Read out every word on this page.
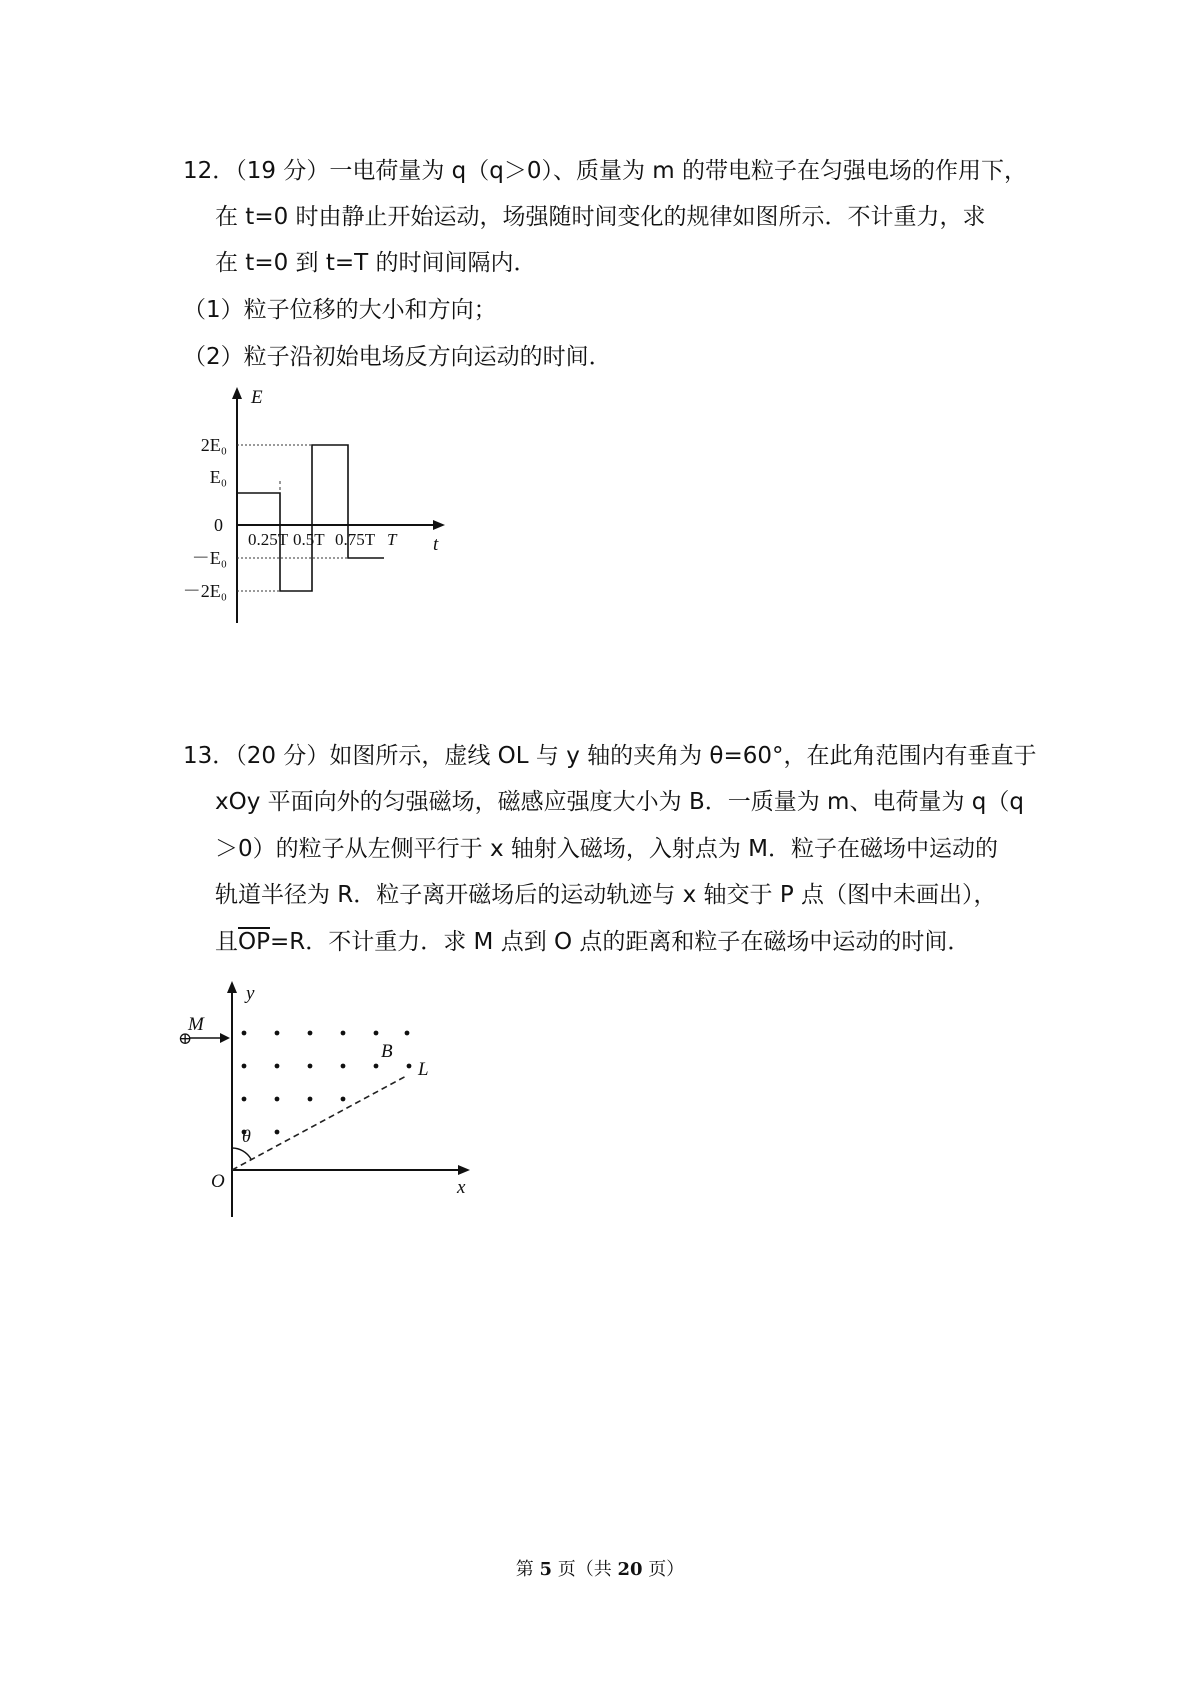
12．（19 分）一电荷量为 q（q＞0）、质量为 m 的带电粒子在匀强电场的作用下，
在 t=0 时由静止开始运动，场强随时间变化的规律如图所示．不计重力，求
在 t=0 到 t=T 的时间间隔内．
（1）粒子位移的大小和方向；
（2）粒子沿初始电场反方向运动的时间．
E
t
2E₀
E₀
0
－E₀
－2E₀
0.25T 0.5T 0.75T T
13．（20 分）如图所示，虚线 OL 与 y 轴的夹角为 θ=60°，在此角范围内有垂直于
xOy 平面向外的匀强磁场，磁感应强度大小为 B．一质量为 m、电荷量为 q（q
＞0）的粒子从左侧平行于 x 轴射入磁场，入射点为 M．粒子在磁场中运动的
轨道半径为 R．粒子离开磁场后的运动轨迹与 x 轴交于 P 点（图中未画出），
且$\overline{OP}=R$．不计重力．求 M 点到 O 点的距离和粒子在磁场中运动的时间．
y
x
O
L
B
θ
⊕
M
第 5 页（共 20 页）
